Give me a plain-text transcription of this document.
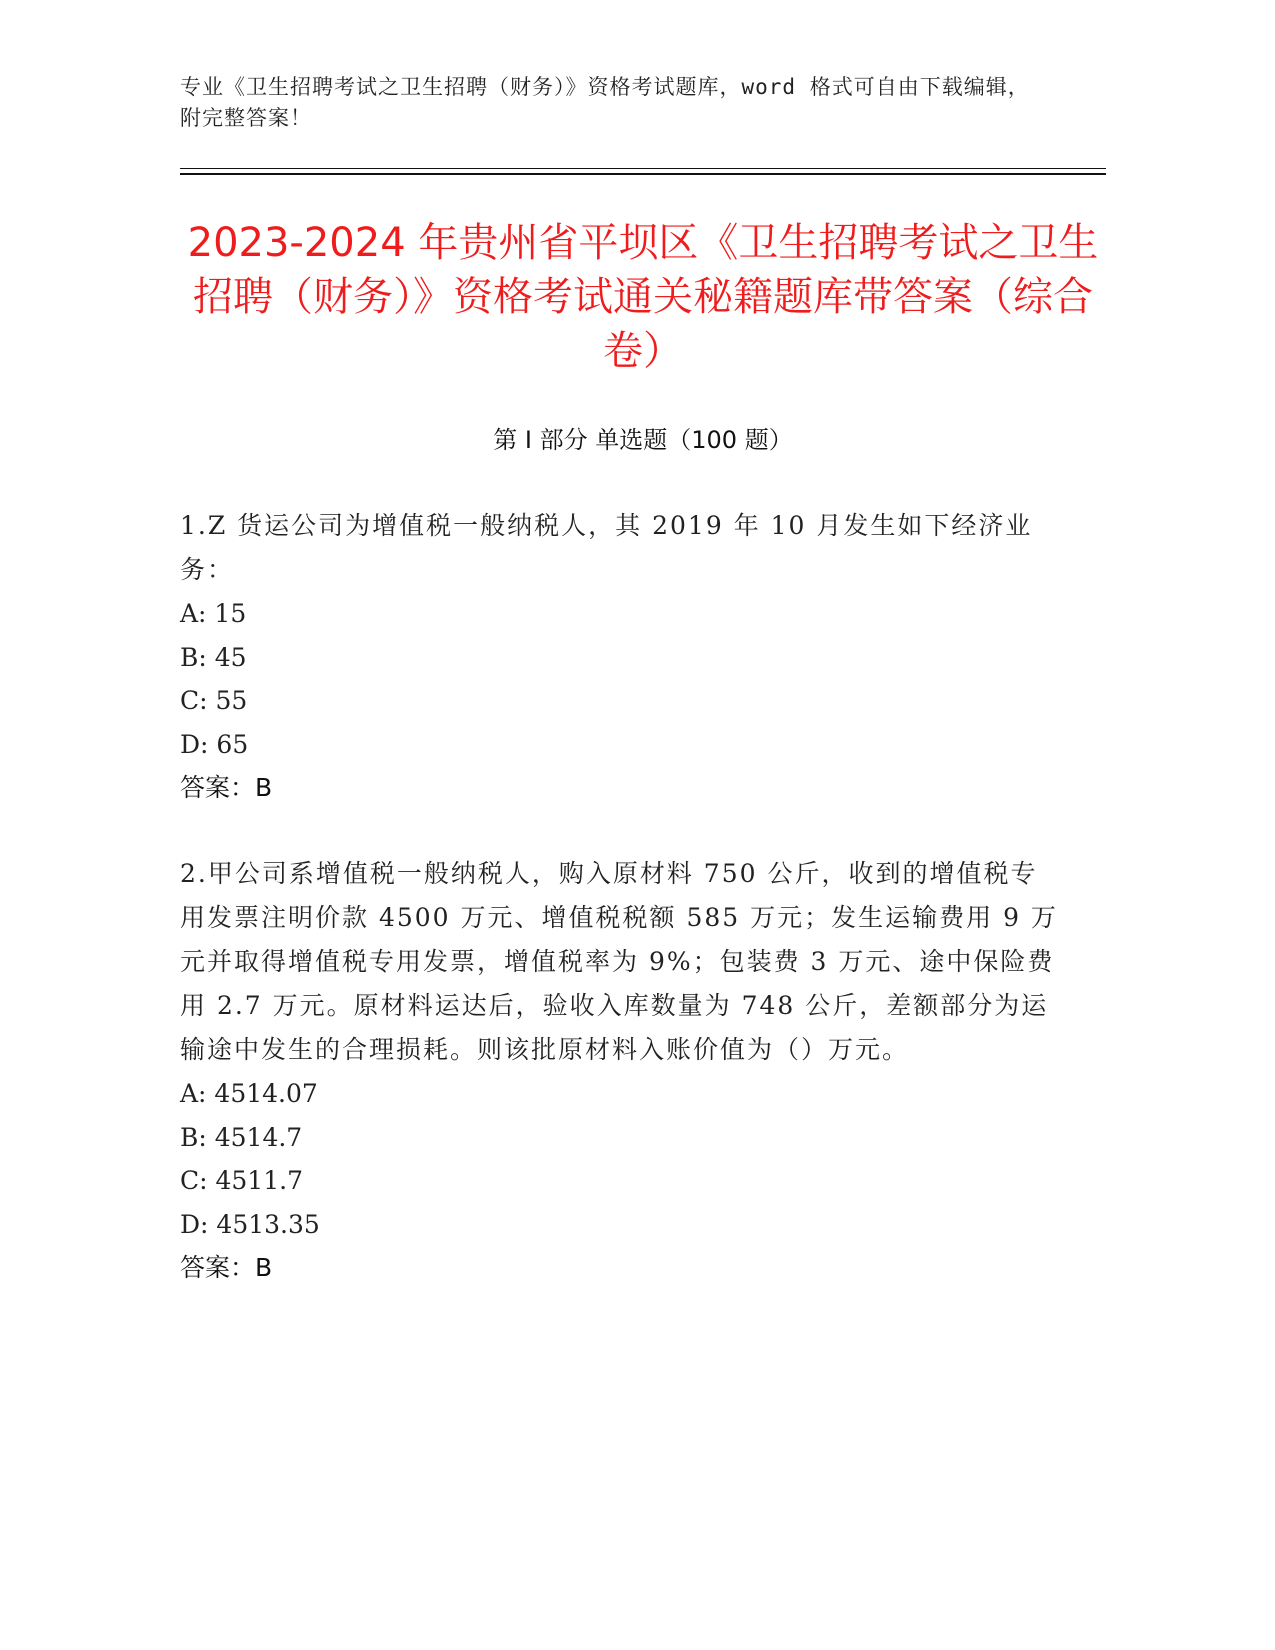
专业《卫生招聘考试之卫生招聘（财务）》资格考试题库，word 格式可自由下载编辑，附完整答案！
2023-2024 年贵州省平坝区《卫生招聘考试之卫生招聘（财务）》资格考试通关秘籍题库带答案（综合卷）
第 I 部分 单选题（100 题）

1.Z 货运公司为增值税一般纳税人，其 2019 年 10 月发生如下经济业务：

A: 15

B: 45

C: 55

D: 65

答案：B

2.甲公司系增值税一般纳税人，购入原材料 750 公斤，收到的增值税专用发票注明价款 4500 万元、增值税税额 585 万元；发生运输费用 9 万元并取得增值税专用发票，增值税率为 9%；包装费 3 万元、途中保险费用 2.7 万元。原材料运达后，验收入库数量为 748 公斤，差额部分为运输途中发生的合理损耗。则该批原材料入账价值为（）万元。

A: 4514.07

B: 4514.7

C: 4511.7

D: 4513.35

答案：B
